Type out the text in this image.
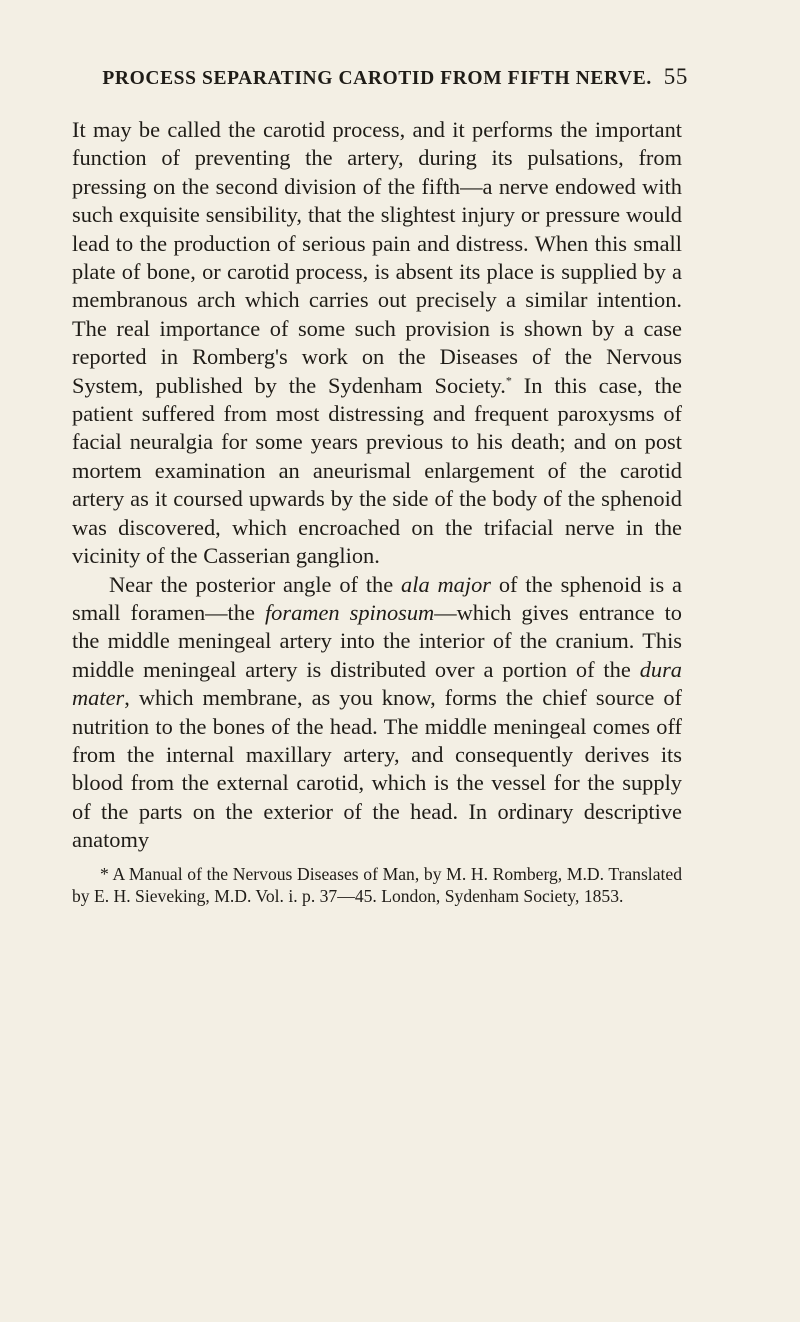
PROCESS SEPARATING CAROTID FROM FIFTH NERVE. 55

It may be called the carotid process, and it performs the important function of preventing the artery, during its pulsations, from pressing on the second division of the fifth—a nerve endowed with such exquisite sensibility, that the slightest injury or pressure would lead to the production of serious pain and distress. When this small plate of bone, or carotid process, is absent its place is supplied by a membranous arch which carries out precisely a similar intention. The real importance of some such provision is shown by a case reported in Romberg's work on the Diseases of the Nervous System, published by the Sydenham Society.* In this case, the patient suffered from most distressing and frequent paroxysms of facial neuralgia for some years previous to his death; and on post mortem examination an aneurismal enlargement of the carotid artery as it coursed upwards by the side of the body of the sphenoid was discovered, which encroached on the trifacial nerve in the vicinity of the Casserian ganglion.

Near the posterior angle of the ala major of the sphenoid is a small foramen—the foramen spinosum—which gives entrance to the middle meningeal artery into the interior of the cranium. This middle meningeal artery is distributed over a portion of the dura mater, which membrane, as you know, forms the chief source of nutrition to the bones of the head. The middle meningeal comes off from the internal maxillary artery, and consequently derives its blood from the external carotid, which is the vessel for the supply of the parts on the exterior of the head. In ordinary descriptive anatomy

* A Manual of the Nervous Diseases of Man, by M. H. Romberg, M.D. Translated by E. H. Sieveking, M.D. Vol. i. p. 37—45. London, Sydenham Society, 1853.
